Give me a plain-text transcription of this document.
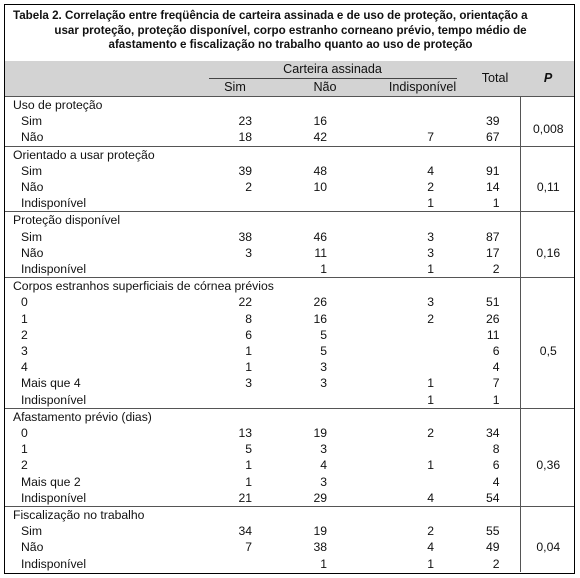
Tabela 2. Correlação entre freqüência de carteira assinada e de uso de proteção, orientação a
usar proteção, proteção disponível, corpo estranho corneano prévio, tempo médio de
afastamento e fiscalização no trabalho quanto ao uso de proteção
	Carteira assinada			Total	P
	Sim	Não	Indisponível		
Uso de proteção					0,008
Sim	23	16		39	
Não	18	42	7	67	
Orientado a usar proteção					0,11
Sim	39	48	4	91	
Não	2	10	2	14	
Indisponível			1	1	
Proteção disponível					0,16
Sim	38	46	3	87	
Não	3	11	3	17	
Indisponível		1	1	2	
Corpos estranhos superficiais de córnea prévios					0,5
0	22	26	3	51	
1	8	16	2	26	
2	6	5		11	
3	1	5		6	
4	1	3		4	
Mais que 4	3	3	1	7	
Indisponível			1	1	
Afastamento prévio (dias)					0,36
0	13	19	2	34	
1	5	3		8	
2	1	4	1	6	
Mais que 2	1	3		4	
Indisponível	21	29	4	54	
Fiscalização no trabalho					0,04
Sim	34	19	2	55	
Não	7	38	4	49	
Indisponível		1	1	2	
